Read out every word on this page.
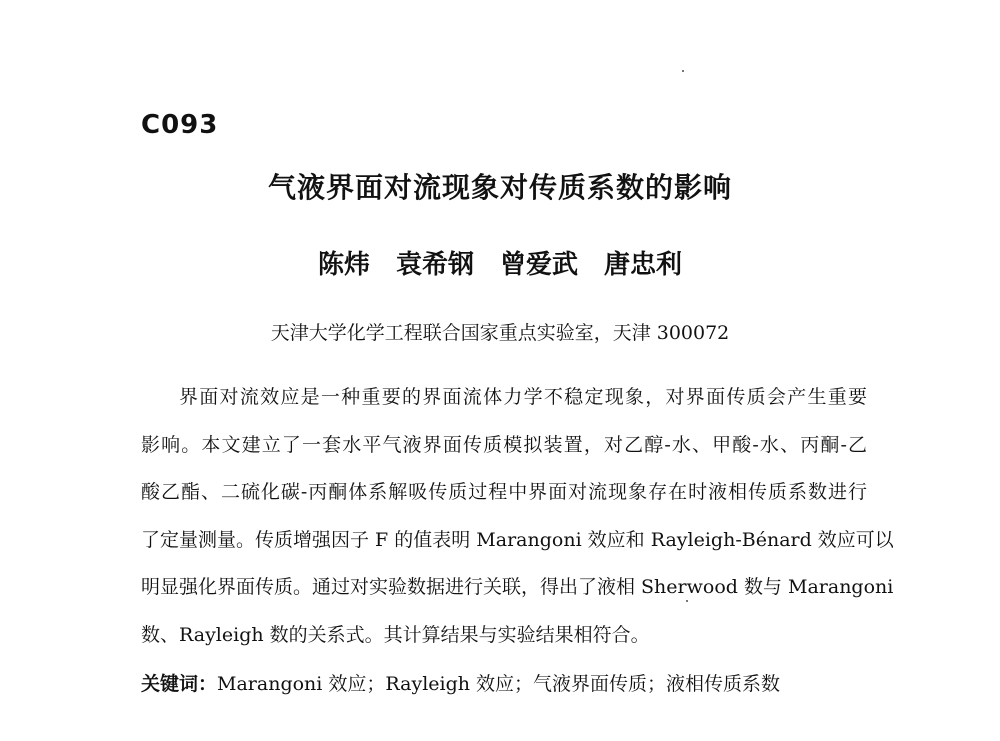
C093
气液界面对流现象对传质系数的影响
陈炜 袁希钢 曾爱武 唐忠利
天津大学化学工程联合国家重点实验室，天津 300072
界面对流效应是一种重要的界面流体力学不稳定现象，对界面传质会产生重要
影响。本文建立了一套水平气液界面传质模拟装置，对乙醇-水、甲酸-水、丙酮-乙
酸乙酯、二硫化碳-丙酮体系解吸传质过程中界面对流现象存在时液相传质系数进行
了定量测量。传质增强因子 F 的值表明 Marangoni 效应和 Rayleigh-Bénard 效应可以
明显强化界面传质。通过对实验数据进行关联，得出了液相 Sherwood 数与 Marangoni
数、Rayleigh 数的关系式。其计算结果与实验结果相符合。
关键词：Marangoni 效应；Rayleigh 效应；气液界面传质；液相传质系数
